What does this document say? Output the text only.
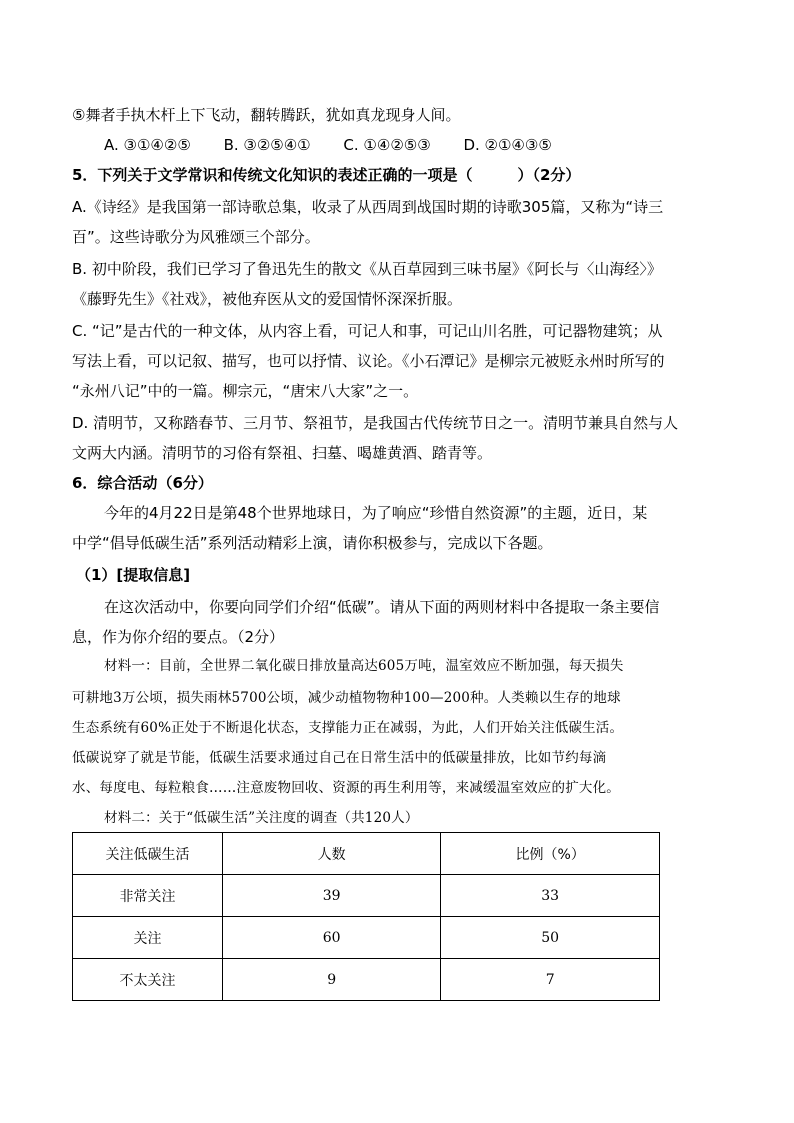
⑤舞者手执木杆上下飞动，翻转腾跃，犹如真龙现身人间。
A. ③①④②⑤ B. ③②⑤④① C. ①④②⑤③ D. ②①④③⑤
5．下列关于文学常识和传统文化知识的表述正确的一项是（　　　）（2分）
A.《诗经》是我国第一部诗歌总集，收录了从西周到战国时期的诗歌305篇，又称为“诗三
百”。这些诗歌分为风雅颂三个部分。
B. 初中阶段，我们已学习了鲁迅先生的散文《从百草园到三味书屋》《阿长与〈山海经〉》
《藤野先生》《社戏》，被他弃医从文的爱国情怀深深折服。
C. “记”是古代的一种文体，从内容上看，可记人和事，可记山川名胜，可记器物建筑；从
写法上看，可以记叙、描写，也可以抒情、议论。《小石潭记》是柳宗元被贬永州时所写的
“永州八记”中的一篇。柳宗元，“唐宋八大家”之一。
D. 清明节，又称踏春节、三月节、祭祖节，是我国古代传统节日之一。清明节兼具自然与人
文两大内涵。清明节的习俗有祭祖、扫墓、喝雄黄酒、踏青等。
6．综合活动（6分）
今年的4月22日是第48个世界地球日，为了响应“珍惜自然资源”的主题，近日，某
中学“倡导低碳生活”系列活动精彩上演，请你积极参与，完成以下各题。
（1）[提取信息]
在这次活动中，你要向同学们介绍“低碳”。请从下面的两则材料中各提取一条主要信
息，作为你介绍的要点。（2分）
材料一：目前，全世界二氧化碳日排放量高达605万吨，温室效应不断加强，每天损失
可耕地3万公顷，损失雨林5700公顷，减少动植物物种100—200种。人类赖以生存的地球
生态系统有60%正处于不断退化状态，支撑能力正在减弱，为此，人们开始关注低碳生活。
低碳说穿了就是节能，低碳生活要求通过自己在日常生活中的低碳量排放，比如节约每滴
水、每度电、每粒粮食……注意废物回收、资源的再生利用等，来减缓温室效应的扩大化。
材料二：关于“低碳生活”关注度的调查（共120人）
关注低碳生活	人数	比例（%）
非常关注	39	33
关注	60	50
不太关注	9	7
